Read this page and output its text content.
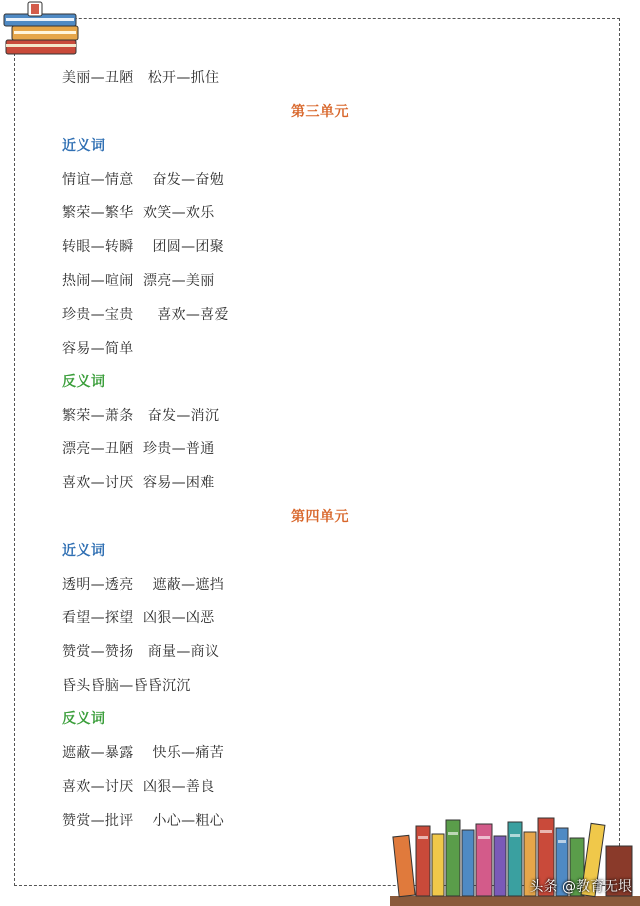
美丽—丑陋   松开—抓住
第三单元
近义词
情谊—情意    奋发—奋勉
繁荣—繁华  欢笑—欢乐
转眼—转瞬    团圆—团聚
热闹—喧闹  漂亮—美丽
珍贵—宝贵     喜欢—喜爱
容易—简单
反义词
繁荣—萧条   奋发—消沉
漂亮—丑陋  珍贵—普通
喜欢—讨厌  容易—困难
第四单元
近义词
透明—透亮    遮蔽—遮挡
看望—探望  凶狠—凶恶
赞赏—赞扬   商量—商议
昏头昏脑—昏昏沉沉
反义词
遮蔽—暴露    快乐—痛苦
喜欢—讨厌  凶狠—善良
赞赏—批评    小心—粗心
头条 @教育无垠
